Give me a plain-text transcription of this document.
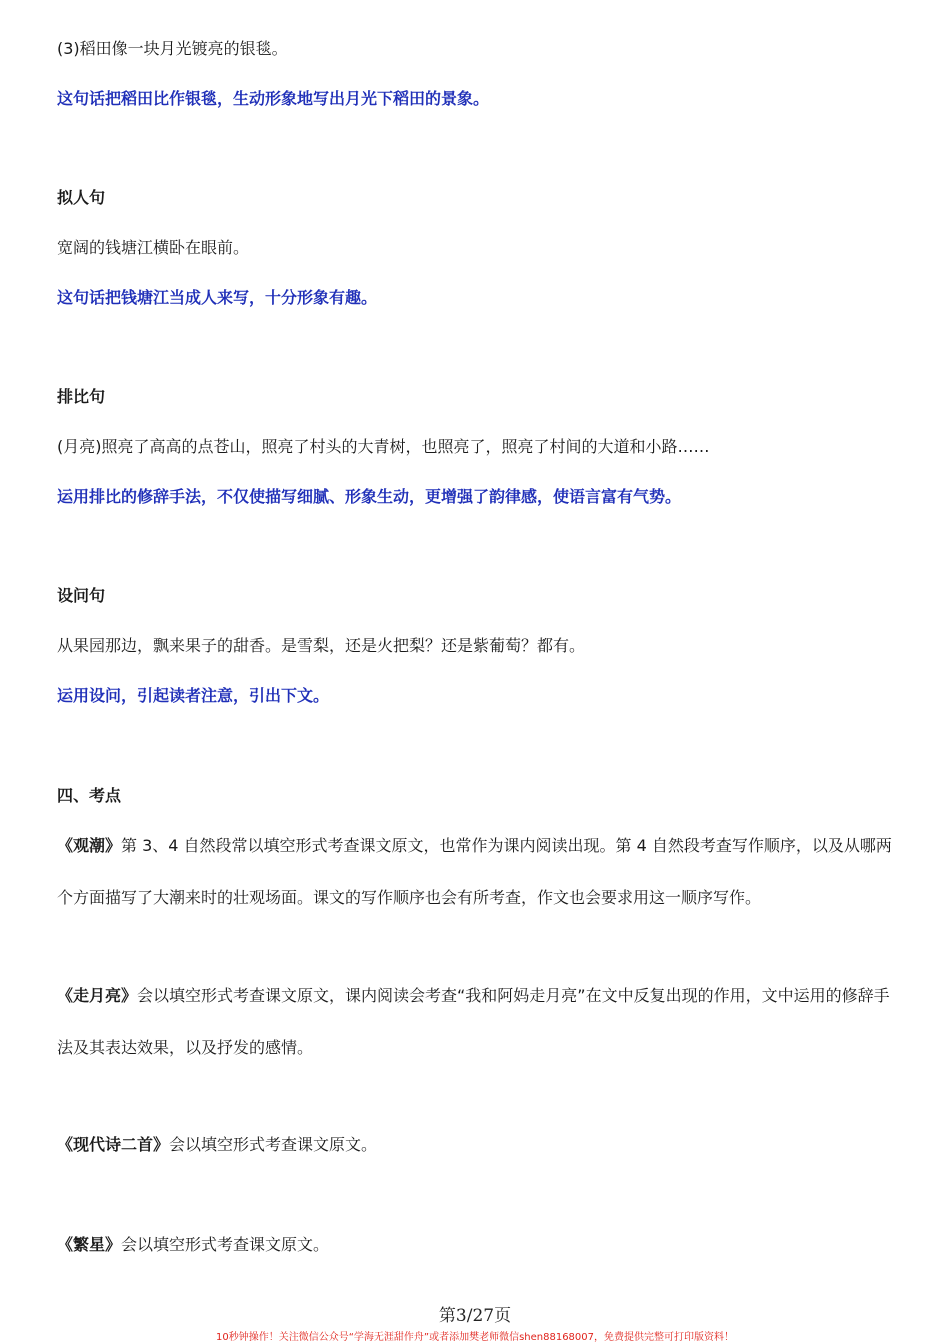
(3)稻田像一块月光镀亮的银毯。
这句话把稻田比作银毯，生动形象地写出月光下稻田的景象。
拟人句
宽阔的钱塘江横卧在眼前。
这句话把钱塘江当成人来写，十分形象有趣。
排比句
(月亮)照亮了高高的点苍山，照亮了村头的大青树，也照亮了，照亮了村间的大道和小路……
运用排比的修辞手法，不仅使描写细腻、形象生动，更增强了韵律感，使语言富有气势。
设问句
从果园那边，飘来果子的甜香。是雪梨，还是火把梨？还是紫葡萄？都有。
运用设问，引起读者注意，引出下文。
四、考点
《观潮》第 3、4 自然段常以填空形式考查课文原文，也常作为课内阅读出现。第 4 自然段考查写作顺序，以及从哪两个方面描写了大潮来时的壮观场面。课文的写作顺序也会有所考查，作文也会要求用这一顺序写作。
《走月亮》会以填空形式考查课文原文，课内阅读会考查“我和阿妈走月亮”在文中反复出现的作用，文中运用的修辞手法及其表达效果，以及抒发的感情。
《现代诗二首》会以填空形式考查课文原文。
《繁星》会以填空形式考查课文原文。
第3/27页
10秒钟操作！关注微信公众号“学海无涯甜作舟”或者添加樊老师微信shen88168007，免费提供完整可打印版资料！
